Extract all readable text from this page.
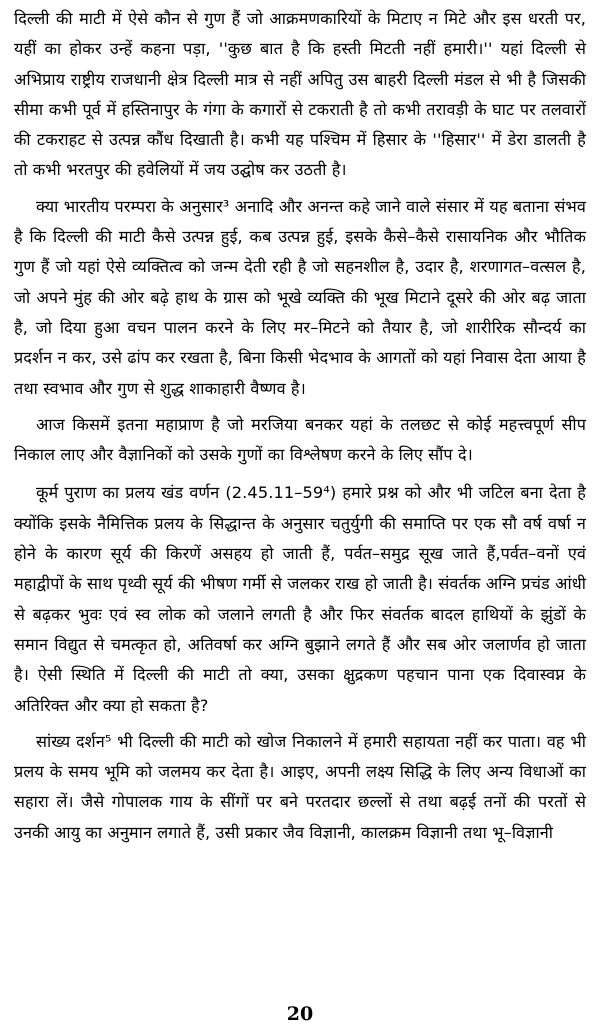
दिल्ली की माटी में ऐसे कौन से गुण हैं जो आक्रमणकारियों के मिटाए न मिटे और इस धरती पर, यहीं का होकर उन्हें कहना पड़ा, ''कुछ बात है कि हस्ती मिटती नहीं हमारी।'' यहां दिल्ली से अभिप्राय राष्ट्रीय राजधानी क्षेत्र दिल्ली मात्र से नहीं अपितु उस बाहरी दिल्ली मंडल से भी है जिसकी सीमा कभी पूर्व में हस्तिनापुर के गंगा के कगारों से टकराती है तो कभी तरावड़ी के घाट पर तलवारों की टकराहट से उत्पन्न कौंध दिखाती है। कभी यह पश्चिम में हिसार के ''हिसार'' में डेरा डालती है तो कभी भरतपुर की हवेलियों में जय उद्घोष कर उठती है।

क्या भारतीय परम्परा के अनुसार³ अनादि और अनन्त कहे जाने वाले संसार में यह बताना संभव है कि दिल्ली की माटी कैसे उत्पन्न हुई, कब उत्पन्न हुई, इसके कैसे–कैसे रासायनिक और भौतिक गुण हैं जो यहां ऐसे व्यक्तित्व को जन्म देती रही है जो सहनशील है, उदार है, शरणागत–वत्सल है, जो अपने मुंह की ओर बढ़े हाथ के ग्रास को भूखे व्यक्ति की भूख मिटाने दूसरे की ओर बढ़ जाता है, जो दिया हुआ वचन पालन करने के लिए मर–मिटने को तैयार है, जो शारीरिक सौन्दर्य का प्रदर्शन न कर, उसे ढांप कर रखता है, बिना किसी भेदभाव के आगतों को यहां निवास देता आया है तथा स्वभाव और गुण से शुद्ध शाकाहारी वैष्णव है।

आज किसमें इतना महाप्राण है जो मरजिया बनकर यहां के तलछट से कोई महत्त्वपूर्ण सीप निकाल लाए और वैज्ञानिकों को उसके गुणों का विश्लेषण करने के लिए सौंप दे।

कूर्म पुराण का प्रलय खंड वर्णन (2.45.11–59⁴) हमारे प्रश्न को और भी जटिल बना देता है क्योंकि इसके नैमित्तिक प्रलय के सिद्धान्त के अनुसार चतुर्युगी की समाप्ति पर एक सौ वर्ष वर्षा न होने के कारण सूर्य की किरणें असहय हो जाती हैं, पर्वत–समुद्र सूख जाते हैं,पर्वत–वनों एवं महाद्वीपों के साथ पृथ्वी सूर्य की भीषण गर्मी से जलकर राख हो जाती है। संवर्तक अग्नि प्रचंड आंधी से बढ़कर भुवः एवं स्व लोक को जलाने लगती है और फिर संवर्तक बादल हाथियों के झुंडों के समान विद्युत से चमत्कृत हो, अतिवर्षा कर अग्नि बुझाने लगते हैं और सब ओर जलार्णव हो जाता है। ऐसी स्थिति में दिल्ली की माटी तो क्या, उसका क्षुद्रकण पहचान पाना एक दिवास्वप्न के अतिरिक्त और क्या हो सकता है?

सांख्य दर्शन⁵ भी दिल्ली की माटी को खोज निकालने में हमारी सहायता नहीं कर पाता। वह भी प्रलय के समय भूमि को जलमय कर देता है। आइए, अपनी लक्ष्य सिद्धि के लिए अन्य विधाओं का सहारा लें। जैसे गोपालक गाय के सींगों पर बने परतदार छल्लों से तथा बढ़ई तनों की परतों से उनकी आयु का अनुमान लगाते हैं, उसी प्रकार जैव विज्ञानी, कालक्रम विज्ञानी तथा भू–विज्ञानी

20
